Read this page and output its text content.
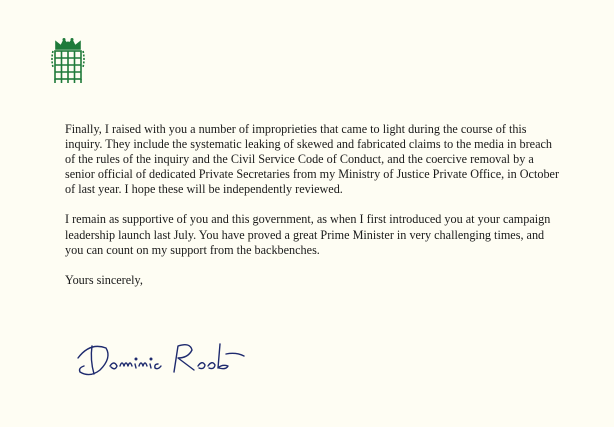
Finally, I raised with you a number of improprieties that came to light during the course of this inquiry. They include the systematic leaking of skewed and fabricated claims to the media in breach of the rules of the inquiry and the Civil Service Code of Conduct, and the coercive removal by a senior official of dedicated Private Secretaries from my Ministry of Justice Private Office, in October of last year. I hope these will be independently reviewed.

I remain as supportive of you and this government, as when I first introduced you at your campaign leadership launch last July. You have proved a great Prime Minister in very challenging times, and you can count on my support from the backbenches.

Yours sincerely,
